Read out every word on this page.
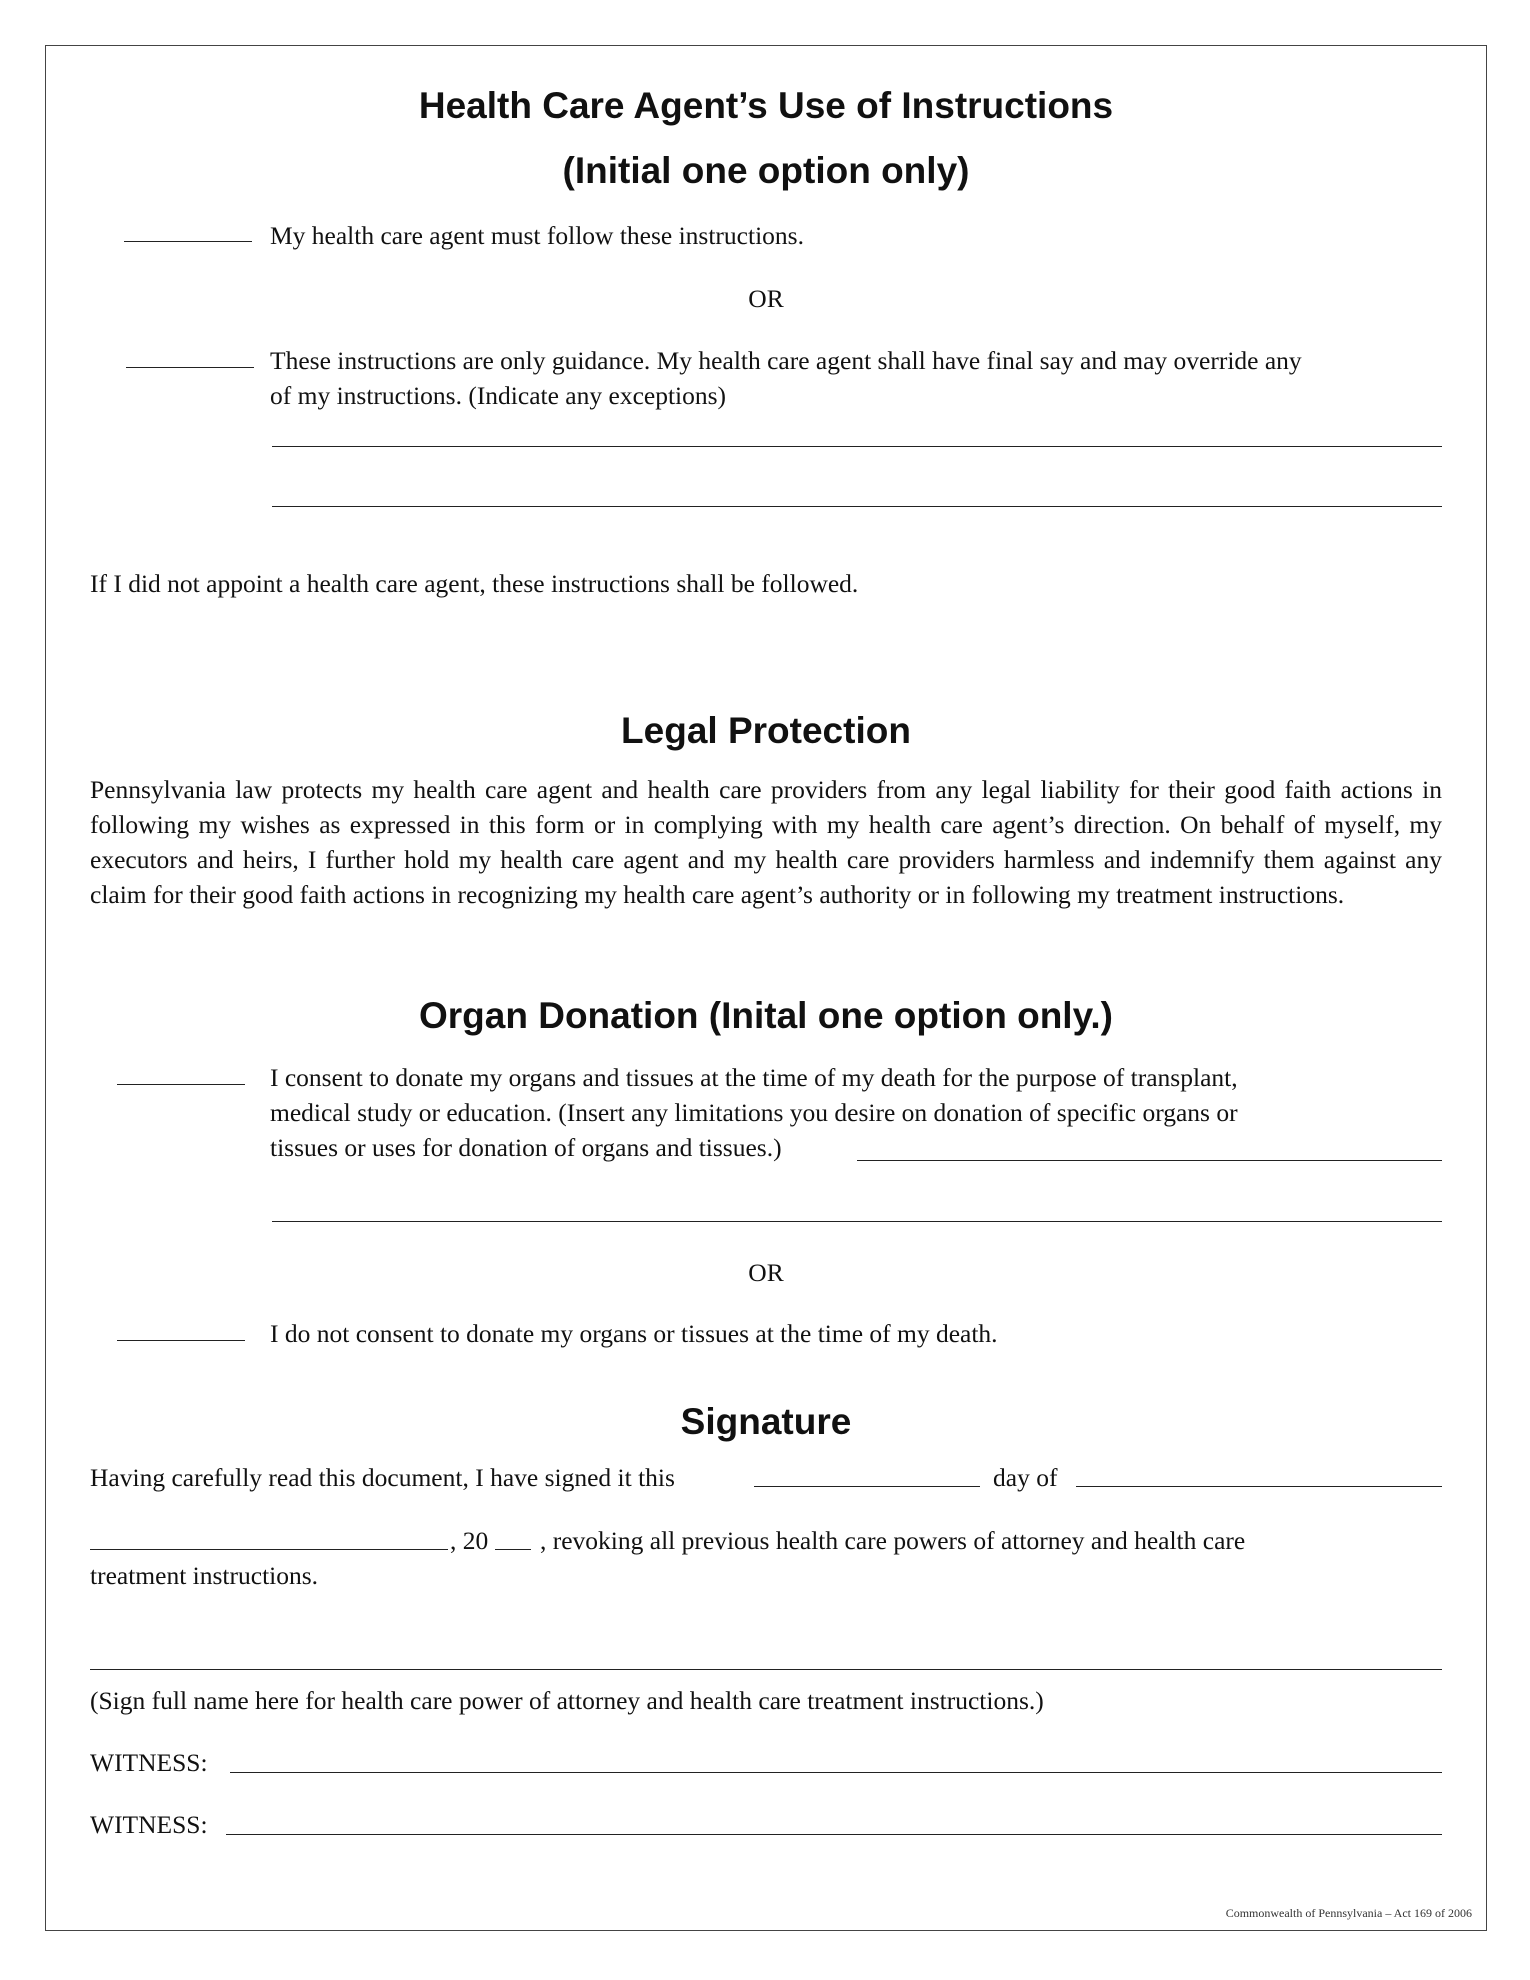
Health Care Agent’s Use of Instructions
(Initial one option only)
My health care agent must follow these instructions.
OR
These instructions are only guidance. My health care agent shall have final say and may override any
of my instructions. (Indicate any exceptions)
If I did not appoint a health care agent, these instructions shall be followed.
Legal Protection

Pennsylvania law protects my health care agent and health care providers from any legal liability for their good faith actions in following my wishes as expressed in this form or in complying with my health care agent’s direction. On behalf of myself, my executors and heirs, I further hold my health care agent and my health care providers harmless and indemnify them against any claim for their good faith actions in recognizing my health care agent’s authority or in following my treatment instructions.

Organ Donation (Inital one option only.)
I consent to donate my organs and tissues at the time of my death for the purpose of transplant,
medical study or education. (Insert any limitations you desire on donation of specific organs or
tissues or uses for donation of organs and tissues.)
OR
I do not consent to donate my organs or tissues at the time of my death.
Signature
Having carefully read this document, I have signed it this	day of
, 20 , revoking all previous health care powers of attorney and health care
treatment instructions.
(Sign full name here for health care power of attorney and health care treatment instructions.)
WITNESS:
WITNESS:
Commonwealth of Pennsylvania – Act 169 of 2006
